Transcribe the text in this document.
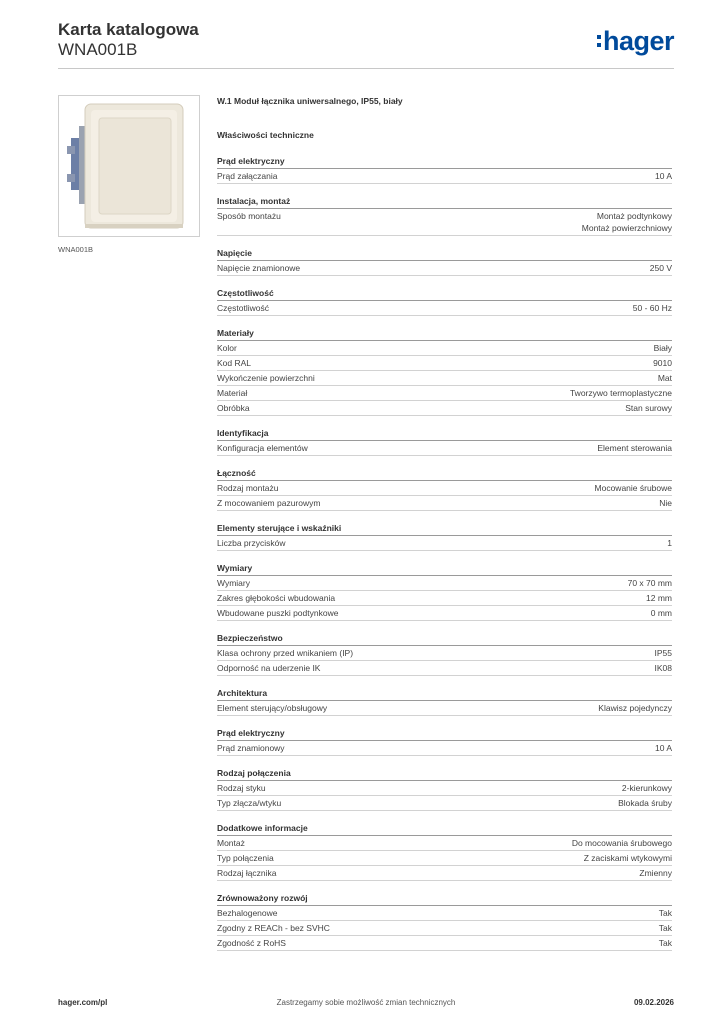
Karta katalogowa
WNA001B	hager
WNA001B
W.1 Moduł łącznika uniwersalnego, IP55, biały
Właściwości techniczne
Prąd elektryczny
Prąd załączania	10 A
Instalacja, montaż
Sposób montażu	Montaż podtynkowy
Montaż powierzchniowy
Napięcie
Napięcie znamionowe	250 V
Częstotliwość
Częstotliwość	50 - 60 Hz
Materiały
Kolor	Biały
Kod RAL	9010
Wykończenie powierzchni	Mat
Materiał	Tworzywo termoplastyczne
Obróbka	Stan surowy
Identyfikacja
Konfiguracja elementów	Element sterowania
Łączność
Rodzaj montażu	Mocowanie śrubowe
Z mocowaniem pazurowym	Nie
Elementy sterujące i wskaźniki
Liczba przycisków	1
Wymiary
Wymiary	70 x 70 mm
Zakres głębokości wbudowania	12 mm
Wbudowane puszki podtynkowe	0 mm
Bezpieczeństwo
Klasa ochrony przed wnikaniem (IP)	IP55
Odporność na uderzenie IK	IK08
Architektura
Element sterujący/obsługowy	Klawisz pojedynczy
Prąd elektryczny
Prąd znamionowy	10 A
Rodzaj połączenia
Rodzaj styku	2-kierunkowy
Typ złącza/wtyku	Blokada śruby
Dodatkowe informacje
Montaż	Do mocowania śrubowego
Typ połączenia	Z zaciskami wtykowymi
Rodzaj łącznika	Zmienny
Zrównoważony rozwój
Bezhalogenowe	Tak
Zgodny z REACh - bez SVHC	Tak
Zgodność z RoHS	Tak
hager.com/pl	Zastrzegamy sobie możliwość zmian technicznych	09.02.2026
